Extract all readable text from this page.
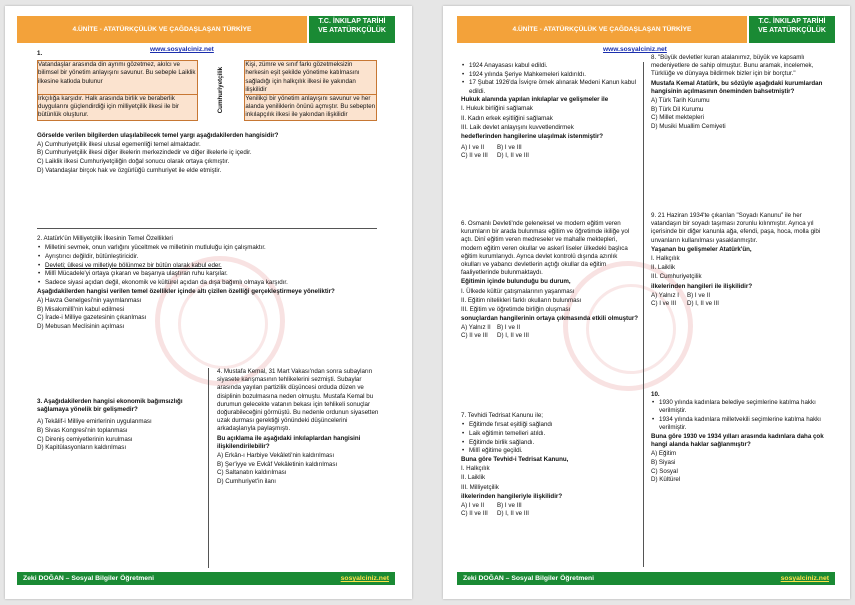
4.ÜNİTE - ATATÜRKÇÜLÜK VE ÇAĞDAŞLAŞAN TÜRKİYE
T.C. İNKILAP TARİHİ
VE ATATÜRKÇÜLÜK
www.sosyalciniz.net
1.
Vatandaşlar arasında din ayrımı gözetmez, akılcı ve bilimsel bir yönetim anlayışını savunur. Bu sebeple Laiklik ilkesine katkıda bulunur	Cumhuriyetçilik	Kişi, zümre ve sınıf farkı gözetmeksizin herkesin eşit şekilde yönetime katılmasını sağladığı için halkçılık ilkesi ile yakından ilişkilidir
İrkçılığa karşıdır. Halk arasında birlik ve beraberlik duygularını güçlendirdiği için milliyetçilik ilkesi ile bir bütünlük oluşturur.		Yenilikçi bir yönetim anlayışını savunur ve her alanda yeniliklerin önünü açmıştır. Bu sebepten inkılapçılık ilkesi ile yakından ilişkilidir

Görselde verilen bilgilerden ulaşılabilecek temel yargı aşağıdakilerden hangisidir?

A) Cumhuriyetçilik ilkesi ulusal egemenliği temel almaktadır.

B) Cumhuriyetçilik ilkesi diğer ilkelerin merkezindedir ve diğer ilkelerle iç içedir.

C) Laiklik ilkesi Cumhuriyetçiliğin doğal sonucu olarak ortaya çıkmıştır.

D) Vatandaşlar birçok hak ve özgürlüğü cumhuriyet ile elde etmiştir.

2. Atatürk'ün Milliyetçilik İlkesinin Temel Özellikleri

• Milletini sevmek, onun varlığını yüceltmek ve milletinin mutluluğu için çalışmaktır.
• Ayrıştırıcı değildir, bütünleştiricidir.
• Devleti; ülkesi ve milletiyle bölünmez bir bütün olarak kabul eder.
• Millî Mücadele'yi ortaya çıkaran ve başarıya ulaştıran ruhu karşılar.
• Sadece siyasi açıdan değil, ekonomik ve kültürel açıdan da dışa bağımlı olmaya karşıdır.

Aşağıdakilerden hangisi verilen temel özellikler içinde altı çizilen özelliği gerçekleştirmeye yöneliktir?

A) Havza Genelgesi'nin yayımlanması

B) Misakımillî'nin kabul edilmesi

C) İrade-i Milliye gazetesinin çıkarılması

D) Mebusan Meclisinin açılması

3. Aşağıdakilerden hangisi ekonomik bağımsızlığı sağlamaya yönelik bir gelişmedir?

A) Tekâlif-i Milliye emirlerinin uygulanması

B) Sivas Kongresi'nin toplanması

C) Direniş cemiyetlerinin kurulması

D) Kapitülasyonların kaldırılması

4. Mustafa Kemal, 31 Mart Vakası'ndan sonra subayların siyasete karışmasının tehlikelerini sezmişti. Subaylar arasında yayılan partizilik düşüncesi orduda düzen ve disiplinin bozulmasına neden olmuştu. Mustafa Kemal bu durumun gelecekte vatanın bekası için tehlikeli sonuçlar doğurabileceğini görmüştü. Bu nedenle ordunun siyasetten uzak durması gerektiği yönündeki düşüncelerini arkadaşlarıyla paylaşmıştı.

Bu açıklama ile aşağıdaki inkılaplardan hangisini ilişkilendirilebilir?

A) Erkân-ı Harbiye Vekâleti'nin kaldırılması

B) Şer'iyye ve Evkâf Vekâletinin kaldırılması

C) Saltanatın kaldırılması

D) Cumhuriyet'in ilanı

Zeki DOĞAN – Sosyal Bilgiler Öğretmeni	sosyalciniz.net
4.ÜNİTE - ATATÜRKÇÜLÜK VE ÇAĞDAŞLAŞAN TÜRKİYE
T.C. İNKILAP TARİHİ
VE ATATÜRKÇÜLÜK
www.sosyalciniz.net
• 1924 Anayasası kabul edildi.
• 1924 yılında Şeriye Mahkemeleri kaldırıldı.
• 17 Şubat 1926'da İsviçre örnek alınarak Medeni Kanun kabul edildi.

Hukuk alanında yapılan inkılaplar ve gelişmeler ile

I. Hukuk birliğini sağlamak

II. Kadın erkek eşitliğini sağlamak

III. Laik devlet anlayışını kuvvetlendirmek

hedeflerinden hangilerine ulaşılmak istenmiştir?

A) I ve II	B) I ve III
C) II ve III	D) I, II ve III

6. Osmanlı Devleti'nde geleneksel ve modern eğitim veren kurumların bir arada bulunması eğitim ve öğretimde ikiliğe yol açtı. Dinî eğitim veren medreseler ve mahalle mektepleri, modern eğitim veren okullar ve askerî liseler ülkedeki başlıca eğitim kurumlarıydı. Ayrıca devlet kontrolü dışında azınlık okulları ve yabancı devletlerin açtığı okullar da eğitim faaliyetlerinde bulunmaktaydı.

Eğitimin içinde bulunduğu bu durum,

I. Ülkede kültür çatışmalarının yaşanması

II. Eğitim nitelikleri farklı okulların bulunması

III. Eğitim ve öğretimde birliğin oluşması

sonuçlardan hangilerinin ortaya çıkmasında etkili olmuştur?

A) Yalnız II	B) I ve II
C) II ve III	D) I, II ve III

7. Tevhidi Tedrisat Kanunu ile;

• Eğitimde fırsat eşitliği sağlandı
• Laik eğitimin temelleri atıldı.
• Eğitimde birlik sağlandı.
• Millî eğitime geçildi.

Buna göre Tevhid-i Tedrisat Kanunu,

I. Halkçılık

II. Laiklik

III. Milliyetçilik

ilkelerinden hangileriyle ilişkilidir?

A) I ve II	B) I ve III
C) II ve III	D) I, II ve III

8. "Büyük devletler kuran atalanımız, büyük ve kapsamlı medeniyetlere de sahip olmuştur. Bunu aramak, incelemek, Türklüğe ve dünyaya bildirmek bizler için bir borçtur."

Mustafa Kemal Atatürk, bu sözüyle aşağıdaki kurumlardan hangisinin açılmasının öneminden bahsetmiştir?

A) Türk Tarih Kurumu

B) Türk Dil Kurumu

C) Millet mektepleri

D) Musiki Muallim Cemiyeti

9. 21 Haziran 1934'te çıkarılan "Soyadı Kanunu" ile her vatandaşın bir soyadı taşıması zorunlu kılınmıştır. Ayrıca yıl içerisinde bir diğer kanunla ağa, efendi, paşa, hoca, molla gibi unvanların kullanılması yasaklanmıştır.

Yaşanan bu gelişmeler Atatürk'ün,

I. Halkçılık

II. Laiklik

III. Cumhuriyetçilik

ilkelerinden hangileri ile ilişkilidir?

A) Yalnız I	B) I ve II
C) I ve III	D) I, II ve III
10.
• 1930 yılında kadınlara belediye seçimlerine katılma hakkı verilmiştir.
• 1934 yılında kadınlara milletvekili seçimlerine katılma hakkı verilmiştir.

Buna göre 1930 ve 1934 yılları arasında kadınlara daha çok hangi alanda haklar sağlanmıştır?

A) Eğitim

B) Siyasi

C) Sosyal

D) Kültürel

Zeki DOĞAN – Sosyal Bilgiler Öğretmeni	sosyalciniz.net
